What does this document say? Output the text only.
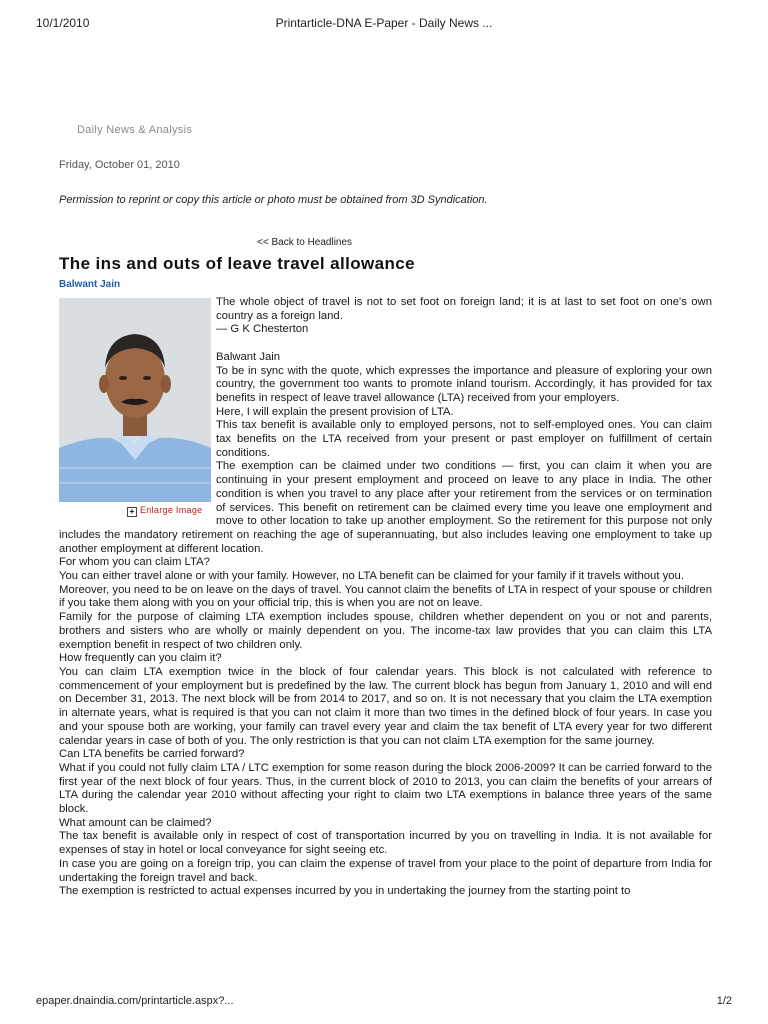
10/1/2010	Printarticle-DNA E-Paper - Daily News ...
Daily News & Analysis
Friday, October 01, 2010
Permission to reprint or copy this article or photo must be obtained from 3D Syndication.
<< Back to Headlines
The ins and outs of leave travel allowance
Balwant Jain

The whole object of travel is not to set foot on foreign land; it is at last to set foot on one's own country as a foreign land.

— G K Chesterton

Balwant Jain

To be in sync with the quote, which expresses the importance and pleasure of exploring your own country, the government too wants to promote inland tourism. Accordingly, it has provided for tax benefits in respect of leave travel allowance (LTA) received from your employers.

Here, I will explain the present provision of LTA.

This tax benefit is available only to employed persons, not to self-employed ones. You can claim tax benefits on the LTA received from your present or past employer on fulfillment of certain conditions.

The exemption can be claimed under two conditions — first, you can claim it when you are continuing in your present employment and proceed on leave to any place in India. The other condition is when you travel to any place after your retirement from the services or on termination of services. This benefit on retirement can be claimed every time you leave one employment and move to other location to take up another employment. So the retirement for this purpose not only includes the mandatory retirement on reaching the age of superannuating, but also includes leaving one employment to take up another employment at different location.

For whom you can claim LTA?

You can either travel alone or with your family. However, no LTA benefit can be claimed for your family if it travels without you.

Moreover, you need to be on leave on the days of travel. You cannot claim the benefits of LTA in respect of your spouse or children if you take them along with you on your official trip, this is when you are not on leave.

Family for the purpose of claiming LTA exemption includes spouse, children whether dependent on you or not and parents, brothers and sisters who are wholly or mainly dependent on you. The income-tax law provides that you can claim this LTA exemption benefit in respect of two children only.

How frequently can you claim it?

You can claim LTA exemption twice in the block of four calendar years. This block is not calculated with reference to commencement of your employment but is predefined by the law. The current block has begun from January 1, 2010 and will end on December 31, 2013. The next block will be from 2014 to 2017, and so on. It is not necessary that you claim the LTA exemption in alternate years, what is required is that you can not claim it more than two times in the defined block of four years. In case you and your spouse both are working, your family can travel every year and claim the tax benefit of LTA every year for two different calendar years in case of both of you. The only restriction is that you can not claim LTA exemption for the same journey.

Can LTA benefits be carried forward?

What if you could not fully claim LTA / LTC exemption for some reason during the block 2006-2009? It can be carried forward to the first year of the next block of four years. Thus, in the current block of 2010 to 2013, you can claim the benefits of your arrears of LTA during the calendar year 2010 without affecting your right to claim two LTA exemptions in balance three years of the same block.

What amount can be claimed?

The tax benefit is available only in respect of cost of transportation incurred by you on travelling in India. It is not available for expenses of stay in hotel or local conveyance for sight seeing etc.

In case you are going on a foreign trip, you can claim the expense of travel from your place to the point of departure from India for undertaking the foreign travel and back.

The exemption is restricted to actual expenses incurred by you in undertaking the journey from the starting point to

+ Enlarge Image
epaper.dnaindia.com/printarticle.aspx?...	1/2
